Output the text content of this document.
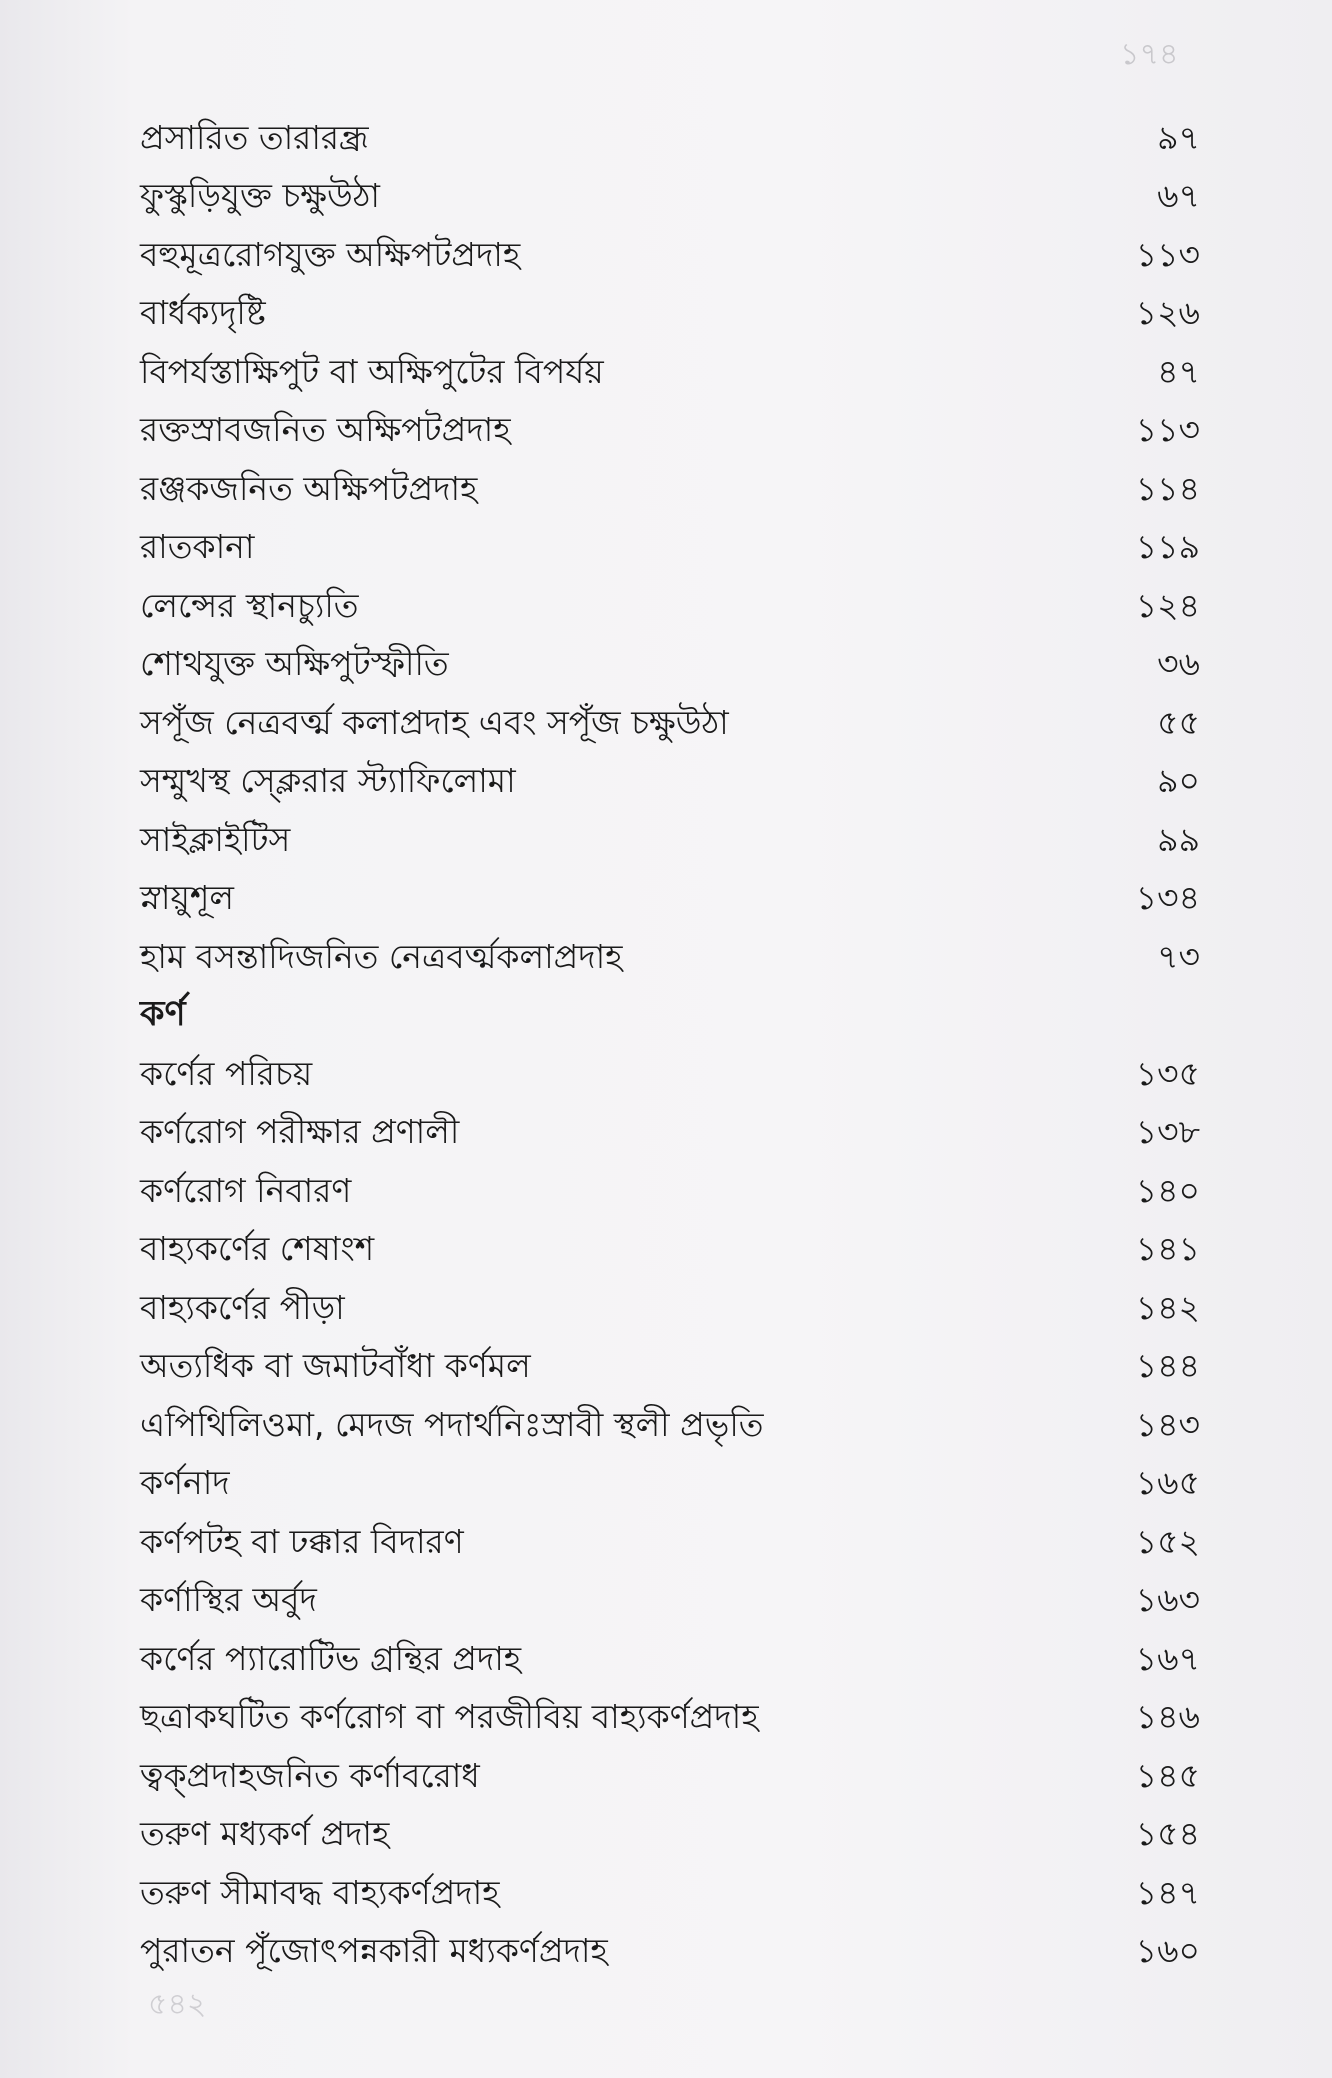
১৭৪
প্রসারিত তারারন্ধ্র	৯৭
ফুস্কুড়িযুক্ত চক্ষুউঠা	৬৭
বহুমূত্ররোগযুক্ত অক্ষিপটপ্রদাহ	১১৩
বার্ধক্যদৃষ্টি	১২৬
বিপর্যস্তাক্ষিপুট বা অক্ষিপুটের বিপর্যয়	৪৭
রক্তস্রাবজনিত অক্ষিপটপ্রদাহ	১১৩
রঞ্জকজনিত অক্ষিপটপ্রদাহ	১১৪
রাতকানা	১১৯
লেন্সের স্থানচ্যুতি	১২৪
শোথযুক্ত অক্ষিপুটস্ফীতি	৩৬
সপূঁজ নেত্রবর্ত্ম কলাপ্রদাহ এবং সপূঁজ চক্ষুউঠা	৫৫
সম্মুখস্থ স্ক্লেরার স্ট্যাফিলোমা	৯০
সাইক্লাইটিস	৯৯
স্নায়ুশূল	১৩৪
হাম বসন্তাদিজনিত নেত্রবর্ত্মকলাপ্রদাহ	৭৩
কর্ণ
কর্ণের পরিচয়	১৩৫
কর্ণরোগ পরীক্ষার প্রণালী	১৩৮
কর্ণরোগ নিবারণ	১৪০
বাহ্যকর্ণের শেষাংশ	১৪১
বাহ্যকর্ণের পীড়া	১৪২
অত্যধিক বা জমাটবাঁধা কর্ণমল	১৪৪
এপিথিলিওমা, মেদজ পদার্থনিঃস্রাবী স্থলী প্রভৃতি	১৪৩
কর্ণনাদ	১৬৫
কর্ণপটহ বা ঢক্কার বিদারণ	১৫২
কর্ণাস্থির অর্বুদ	১৬৩
কর্ণের প্যারোটিভ গ্রন্থির প্রদাহ	১৬৭
ছত্রাকঘটিত কর্ণরোগ বা পরজীবিয় বাহ্যকর্ণপ্রদাহ	১৪৬
ত্বক্‌প্রদাহজনিত কর্ণাবরোধ	১৪৫
তরুণ মধ্যকর্ণ প্রদাহ	১৫৪
তরুণ সীমাবদ্ধ বাহ্যকর্ণপ্রদাহ	১৪৭
পুরাতন পূঁজোৎপন্নকারী মধ্যকর্ণপ্রদাহ	১৬০
৫৪২
